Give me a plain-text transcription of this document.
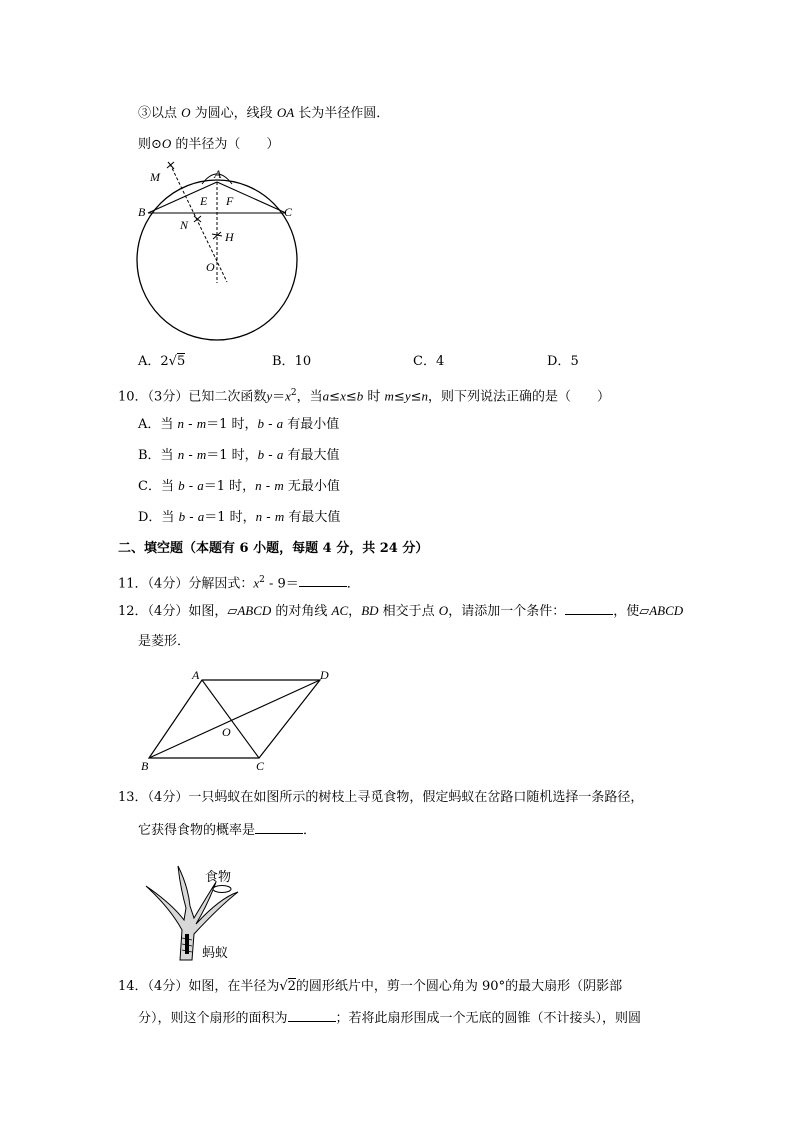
③以点 O 为圆心，线段 OA 长为半径作圆．
则⊙O 的半径为（　　）
M	A
E F
B	C
N
H
O
A．2√5	B．10	C．4	D．5
10．（3分）已知二次函数$y=x^2$，当a≤x≤b 时 m≤y≤n，则下列说法正确的是（　　）
A．当 n - m＝1 时，b - a 有最小值
B．当 n - m＝1 时，b - a 有最大值
C．当 b - a＝1 时，n - m 无最小值
D．当 b - a＝1 时，n - m 有最大值
二、填空题（本题有 6 小题，每题 4 分，共 24 分）
11．（4分）分解因式：$x^2 - 9=$	．
12．（4分）如图，▱ABCD 的对角线 AC，BD 相交于点 O，请添加一个条件：	，使▱ABCD
是菱形．
A	D
O
B	C
13．（4分）一只蚂蚁在如图所示的树枝上寻觅食物，假定蚂蚁在岔路口随机选择一条路径，
它获得食物的概率是	．
食物
蚂蚁
14．（4分）如图，在半径为√2的圆形纸片中，剪一个圆心角为 90°的最大扇形（阴影部
分），则这个扇形的面积为	；若将此扇形围成一个无底的圆锥（不计接头），则圆
